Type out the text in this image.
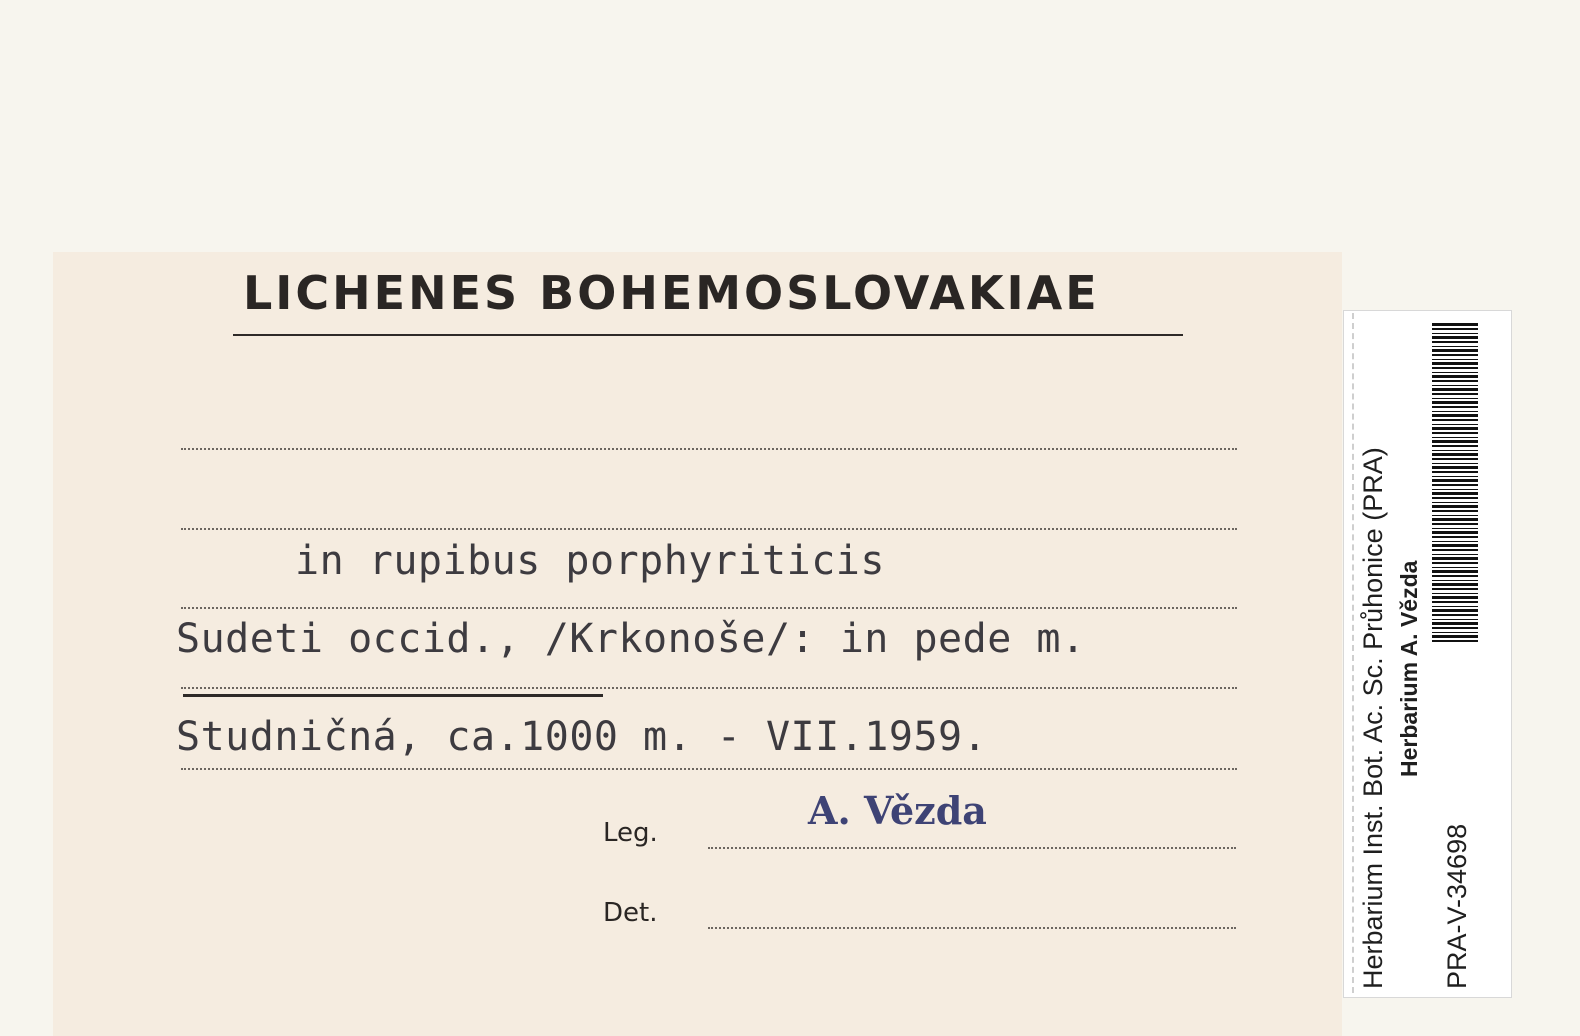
LICHENES BOHEMOSLOVAKIAE
in rupibus porphyriticis
Sudeti occid., /Krkonoše/: in pede m.
Studničná, ca.1000 m. - VII.1959.
Leg.	A. Vězda
Det.	Herbarium Inst. Bot. Ac. Sc. Průhonice (PRA) Herbarium A. Vězda
PRA-V-34698
